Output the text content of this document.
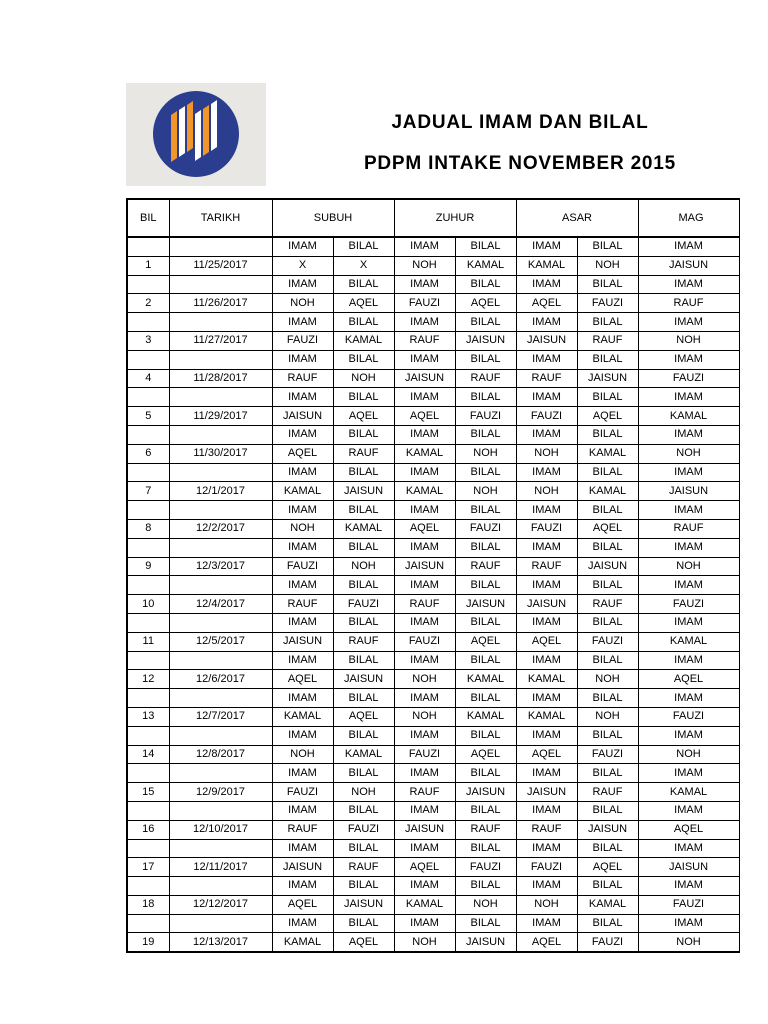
JADUAL IMAM DAN BILAL
PDPM INTAKE NOVEMBER 2015
BIL	TARIKH	SUBUH		ZUHUR		ASAR		MAG
		IMAM	BILAL	IMAM	BILAL	IMAM	BILAL	IMAM
1	11/25/2017	X	X	NOH	KAMAL	KAMAL	NOH	JAISUN
		IMAM	BILAL	IMAM	BILAL	IMAM	BILAL	IMAM
2	11/26/2017	NOH	AQEL	FAUZI	AQEL	AQEL	FAUZI	RAUF
		IMAM	BILAL	IMAM	BILAL	IMAM	BILAL	IMAM
3	11/27/2017	FAUZI	KAMAL	RAUF	JAISUN	JAISUN	RAUF	NOH
		IMAM	BILAL	IMAM	BILAL	IMAM	BILAL	IMAM
4	11/28/2017	RAUF	NOH	JAISUN	RAUF	RAUF	JAISUN	FAUZI
		IMAM	BILAL	IMAM	BILAL	IMAM	BILAL	IMAM
5	11/29/2017	JAISUN	AQEL	AQEL	FAUZI	FAUZI	AQEL	KAMAL
		IMAM	BILAL	IMAM	BILAL	IMAM	BILAL	IMAM
6	11/30/2017	AQEL	RAUF	KAMAL	NOH	NOH	KAMAL	NOH
		IMAM	BILAL	IMAM	BILAL	IMAM	BILAL	IMAM
7	12/1/2017	KAMAL	JAISUN	KAMAL	NOH	NOH	KAMAL	JAISUN
		IMAM	BILAL	IMAM	BILAL	IMAM	BILAL	IMAM
8	12/2/2017	NOH	KAMAL	AQEL	FAUZI	FAUZI	AQEL	RAUF
		IMAM	BILAL	IMAM	BILAL	IMAM	BILAL	IMAM
9	12/3/2017	FAUZI	NOH	JAISUN	RAUF	RAUF	JAISUN	NOH
		IMAM	BILAL	IMAM	BILAL	IMAM	BILAL	IMAM
10	12/4/2017	RAUF	FAUZI	RAUF	JAISUN	JAISUN	RAUF	FAUZI
		IMAM	BILAL	IMAM	BILAL	IMAM	BILAL	IMAM
11	12/5/2017	JAISUN	RAUF	FAUZI	AQEL	AQEL	FAUZI	KAMAL
		IMAM	BILAL	IMAM	BILAL	IMAM	BILAL	IMAM
12	12/6/2017	AQEL	JAISUN	NOH	KAMAL	KAMAL	NOH	AQEL
		IMAM	BILAL	IMAM	BILAL	IMAM	BILAL	IMAM
13	12/7/2017	KAMAL	AQEL	NOH	KAMAL	KAMAL	NOH	FAUZI
		IMAM	BILAL	IMAM	BILAL	IMAM	BILAL	IMAM
14	12/8/2017	NOH	KAMAL	FAUZI	AQEL	AQEL	FAUZI	NOH
		IMAM	BILAL	IMAM	BILAL	IMAM	BILAL	IMAM
15	12/9/2017	FAUZI	NOH	RAUF	JAISUN	JAISUN	RAUF	KAMAL
		IMAM	BILAL	IMAM	BILAL	IMAM	BILAL	IMAM
16	12/10/2017	RAUF	FAUZI	JAISUN	RAUF	RAUF	JAISUN	AQEL
		IMAM	BILAL	IMAM	BILAL	IMAM	BILAL	IMAM
17	12/11/2017	JAISUN	RAUF	AQEL	FAUZI	FAUZI	AQEL	JAISUN
		IMAM	BILAL	IMAM	BILAL	IMAM	BILAL	IMAM
18	12/12/2017	AQEL	JAISUN	KAMAL	NOH	NOH	KAMAL	FAUZI
		IMAM	BILAL	IMAM	BILAL	IMAM	BILAL	IMAM
19	12/13/2017	KAMAL	AQEL	NOH	JAISUN	AQEL	FAUZI	NOH
